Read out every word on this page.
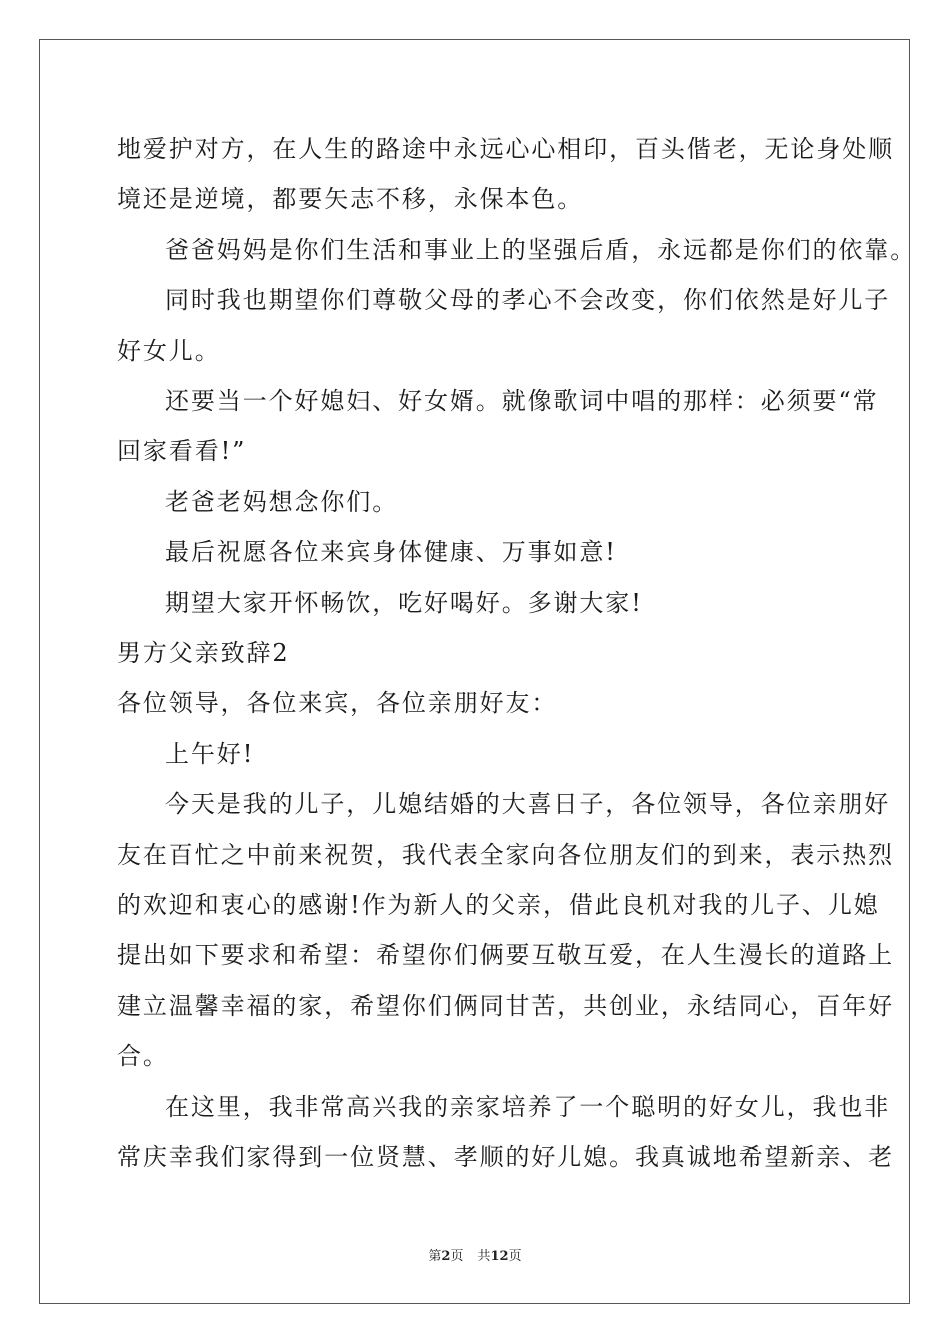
地爱护对方，在人生的路途中永远心心相印，百头偕老，无论身处顺
境还是逆境，都要矢志不移，永保本色。
爸爸妈妈是你们生活和事业上的坚强后盾，永远都是你们的依靠。
同时我也期望你们尊敬父母的孝心不会改变，你们依然是好儿子
好女儿。
还要当一个好媳妇、好女婿。就像歌词中唱的那样：必须要“常
回家看看!”
老爸老妈想念你们。
最后祝愿各位来宾身体健康、万事如意!
期望大家开怀畅饮，吃好喝好。多谢大家!
男方父亲致辞2
各位领导，各位来宾，各位亲朋好友：
上午好!
今天是我的儿子，儿媳结婚的大喜日子，各位领导，各位亲朋好
友在百忙之中前来祝贺，我代表全家向各位朋友们的到来，表示热烈
的欢迎和衷心的感谢!作为新人的父亲，借此良机对我的儿子、儿媳
提出如下要求和希望：希望你们俩要互敬互爱，在人生漫长的道路上
建立温馨幸福的家，希望你们俩同甘苦，共创业，永结同心，百年好
合。
在这里，我非常高兴我的亲家培养了一个聪明的好女儿，我也非
常庆幸我们家得到一位贤慧、孝顺的好儿媳。我真诚地希望新亲、老
第2页 共12页
